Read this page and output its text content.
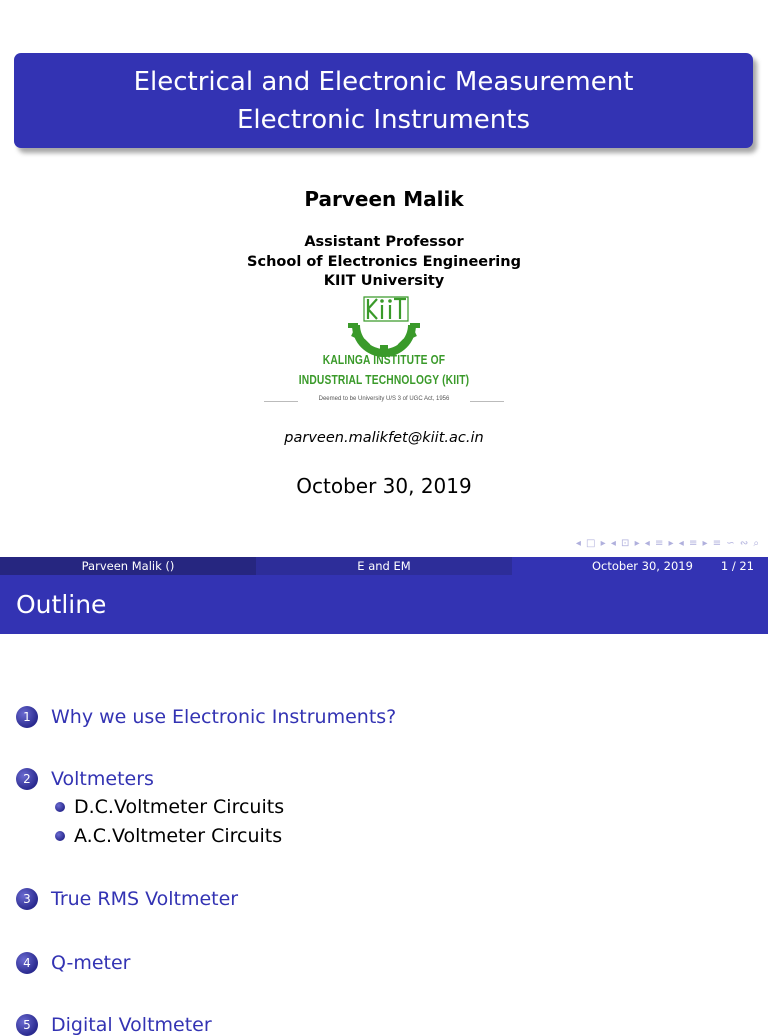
Electrical and Electronic Measurement
Electronic Instruments
Parveen Malik
Assistant Professor
School of Electronics Engineering
KIIT University
KALINGA INSTITUTE OF
INDUSTRIAL TECHNOLOGY (KIIT)
Deemed to be University U/S 3 of UGC Act, 1956
parveen.malikfet@kiit.ac.in
October 30, 2019
◂ □ ▸ ◂ ⊡ ▸ ◂ ≡ ▸ ◂ ≡ ▸ ≡ ∽ ∾ ⌕
Parveen Malik ()	E and EM	October 30, 2019 1 / 21
Outline
1	Why we use Electronic Instruments?
2	Voltmeters
D.C.Voltmeter Circuits
A.C.Voltmeter Circuits
3	True RMS Voltmeter
4	Q-meter
5	Digital Voltmeter
